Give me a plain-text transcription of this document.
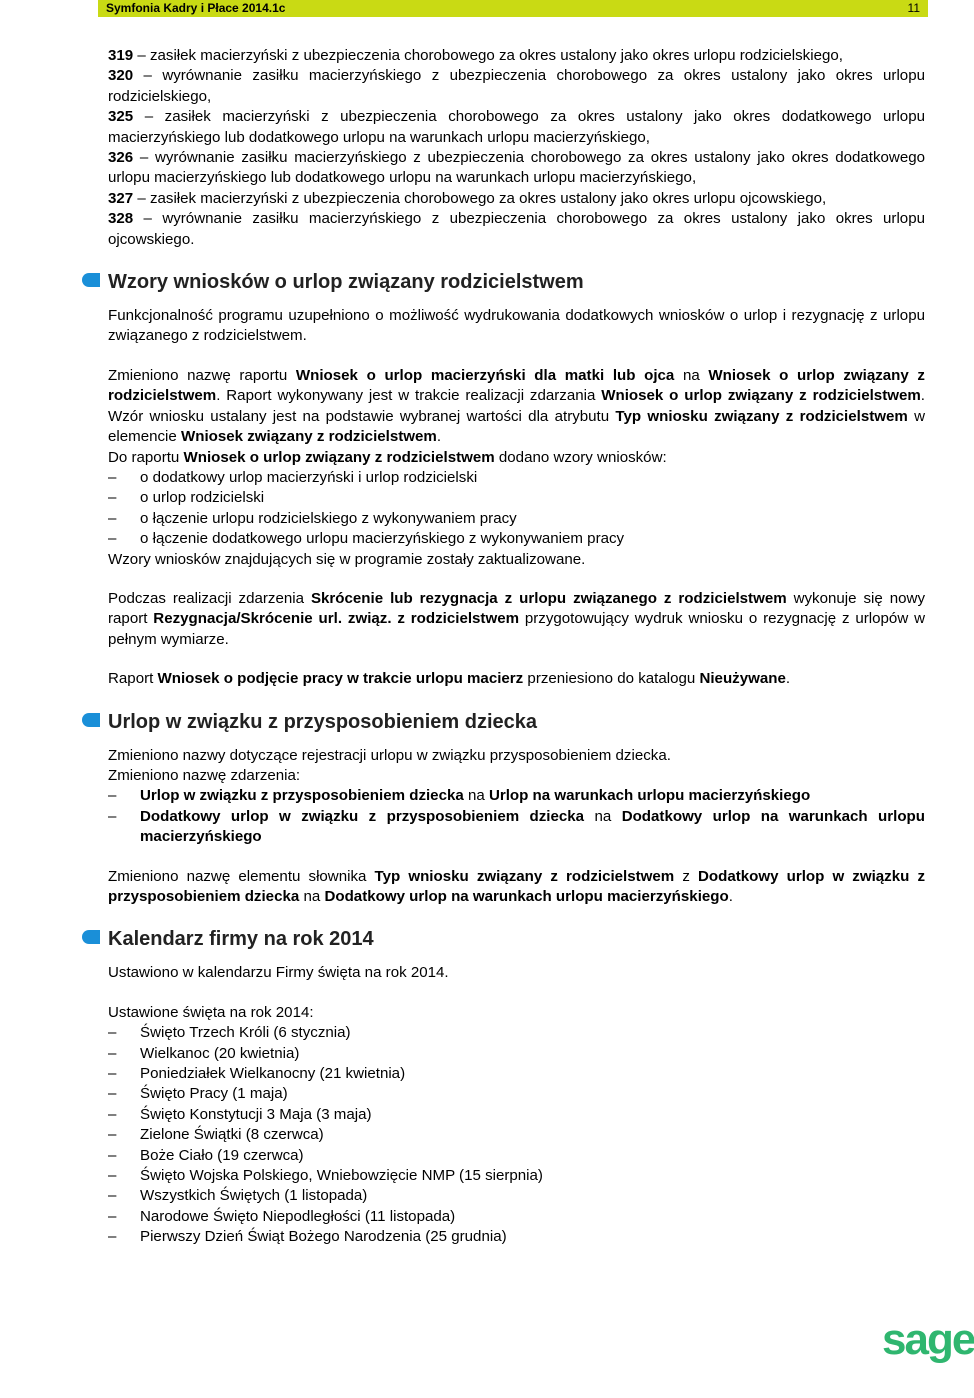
Symfonia Kadry i Płace 2014.1c	11

319 – zasiłek macierzyński z ubezpieczenia chorobowego za okres ustalony jako okres urlopu rodzicielskiego,

320 – wyrównanie zasiłku macierzyńskiego z ubezpieczenia chorobowego za okres ustalony jako okres urlopu rodzicielskiego,

325 – zasiłek macierzyński z ubezpieczenia chorobowego za okres ustalony jako okres dodatkowego urlopu macierzyńskiego lub dodatkowego urlopu na warunkach urlopu macierzyńskiego,

326 – wyrównanie zasiłku macierzyńskiego z ubezpieczenia chorobowego za okres ustalony jako okres dodatkowego urlopu macierzyńskiego lub dodatkowego urlopu na warunkach urlopu macierzyńskiego,

327 – zasiłek macierzyński z ubezpieczenia chorobowego za okres ustalony jako okres urlopu ojcowskiego,

328 – wyrównanie zasiłku macierzyńskiego z ubezpieczenia chorobowego za okres ustalony jako okres urlopu ojcowskiego.

Wzory wniosków o urlop związany rodzicielstwem

Funkcjonalność programu uzupełniono o możliwość wydrukowania dodatkowych wniosków o urlop i rezygnację z urlopu związanego z rodzicielstwem.

Zmieniono nazwę raportu Wniosek o urlop macierzyński dla matki lub ojca na Wniosek o urlop związany z rodzicielstwem. Raport wykonywany jest w trakcie realizacji zdarzania Wniosek o urlop związany z rodzicielstwem. Wzór wniosku ustalany jest na podstawie wybranej wartości dla atrybutu Typ wniosku związany z rodzicielstwem w elemencie Wniosek związany z rodzicielstwem.

Do raportu Wniosek o urlop związany z rodzicielstwem dodano wzory wniosków:

– o dodatkowy urlop macierzyński i urlop rodzicielski
– o urlop rodzicielski
– o łączenie urlopu rodzicielskiego z wykonywaniem pracy
– o łączenie dodatkowego urlopu macierzyńskiego z wykonywaniem pracy

Wzory wniosków znajdujących się w programie zostały zaktualizowane.

Podczas realizacji zdarzenia Skrócenie lub rezygnacja z urlopu związanego z rodzicielstwem wykonuje się nowy raport Rezygnacja/Skrócenie url. związ. z rodzicielstwem przygotowujący wydruk wniosku o rezygnację z urlopów w pełnym wymiarze.

Raport Wniosek o podjęcie pracy w trakcie urlopu macierz przeniesiono do katalogu Nieużywane.

Urlop w związku z przysposobieniem dziecka

Zmieniono nazwy dotyczące rejestracji urlopu w związku przysposobieniem dziecka.

Zmieniono nazwę zdarzenia:

– Urlop w związku z przysposobieniem dziecka na Urlop na warunkach urlopu macierzyńskiego
– Dodatkowy urlop w związku z przysposobieniem dziecka na Dodatkowy urlop na warunkach urlopu macierzyńskiego

Zmieniono nazwę elementu słownika Typ wniosku związany z rodzicielstwem z Dodatkowy urlop w związku z przysposobieniem dziecka na Dodatkowy urlop na warunkach urlopu macierzyńskiego.

Kalendarz firmy na rok 2014

Ustawiono w kalendarzu Firmy święta na rok 2014.

Ustawione święta na rok 2014:

– Święto Trzech Króli (6 stycznia)
– Wielkanoc (20 kwietnia)
– Poniedziałek Wielkanocny (21 kwietnia)
– Święto Pracy (1 maja)
– Święto Konstytucji 3 Maja (3 maja)
– Zielone Świątki (8 czerwca)
– Boże Ciało (19 czerwca)
– Święto Wojska Polskiego, Wniebowzięcie NMP (15 sierpnia)
– Wszystkich Świętych (1 listopada)
– Narodowe Święto Niepodległości (11 listopada)
– Pierwszy Dzień Świąt Bożego Narodzenia (25 grudnia)
sage
